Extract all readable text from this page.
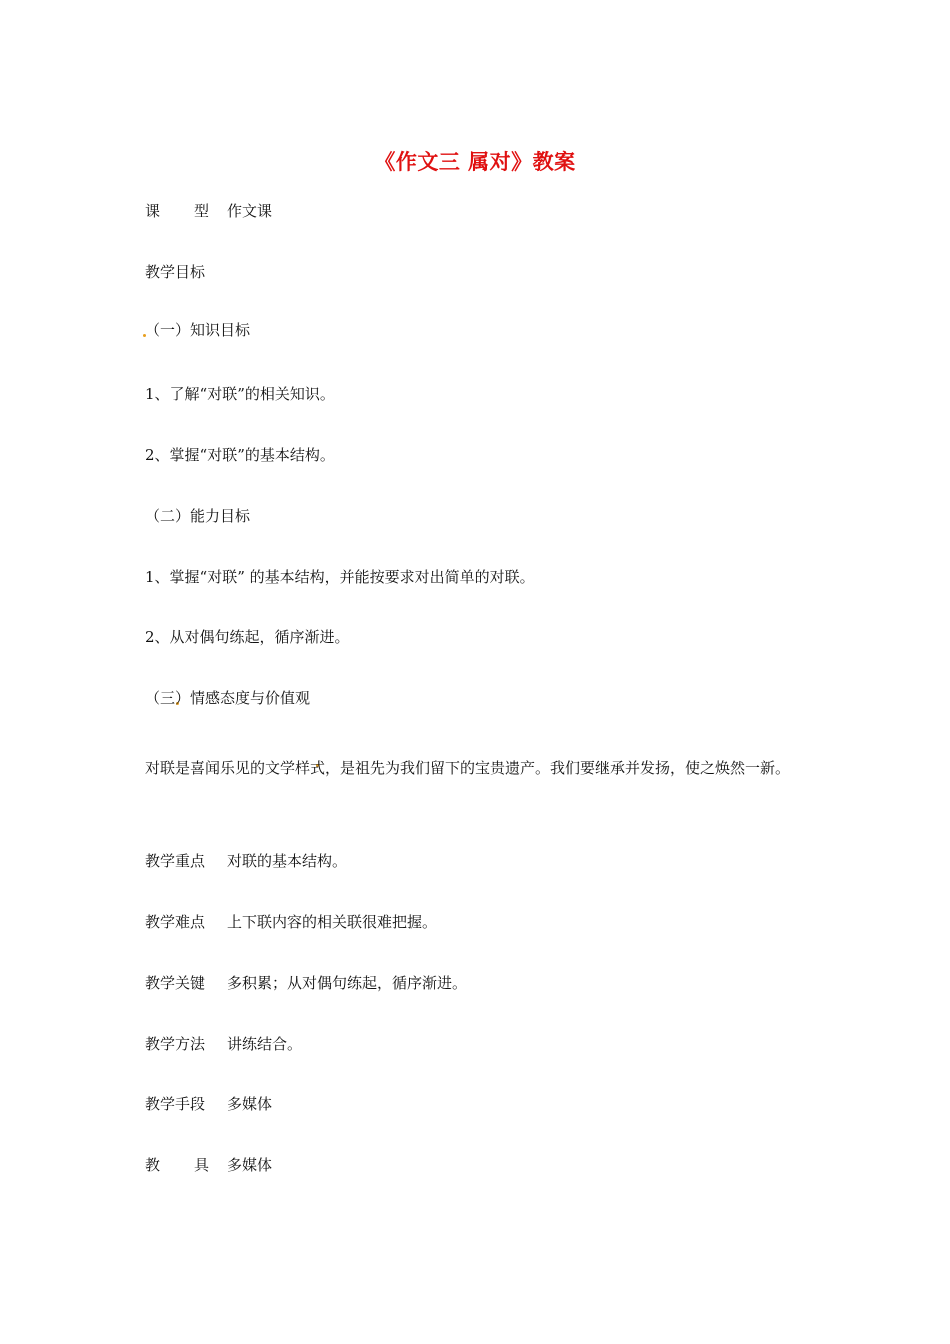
《作文三 属对》教案
课 型 作文课
教学目标
（一）知识目标
1、了解“对联”的相关知识。
2、掌握“对联”的基本结构。
（二）能力目标
1、掌握“对联” 的基本结构，并能按要求对出简单的对联。
2、从对偶句练起，循序渐进。
（三）情感态度与价值观
对联是喜闻乐见的文学样式，是祖先为我们留下的宝贵遗产。我们要继承并发扬，使之焕然一新。
教学重点 对联的基本结构。
教学难点 上下联内容的相关联很难把握。
教学关键 多积累；从对偶句练起，循序渐进。
教学方法 讲练结合。
教学手段 多媒体
教 具 多媒体
